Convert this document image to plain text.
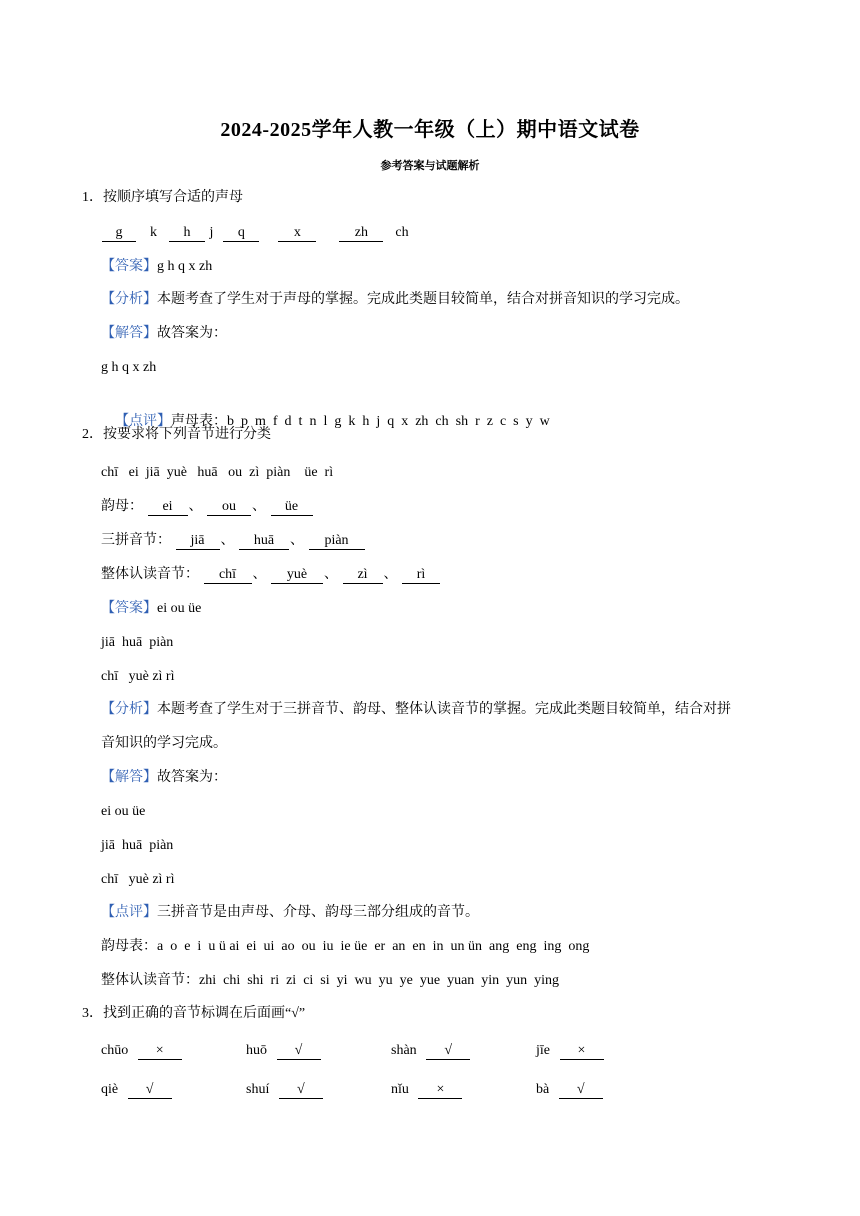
2024-2025学年人教一年级（上）期中语文试卷
参考答案与试题解析
1．按顺序填写合适的声母
g k h j q	x	zh ch
【答案】g h q x zh
【分析】本题考查了学生对于声母的掌握。完成此类题目较简单，结合对拼音知识的学习完成。
【解答】故答案为：
g h q x zh

【点评】声母表：b  p  m  f  d  t  n  l  g  k  h  j  q  x  zh  ch  sh  r  z  c  s  y  w

2．按要求将下列音节进行分类
chī   ei  jiā  yuè   huā   ou  zì  piàn    üe  rì
韵母： ei 、 ou 、 üe
三拼音节： jiā 、 huā 、 piàn
整体认读音节： chī 、 yuè 、 zì 、 rì
【答案】ei ou üe
jiā  huā  piàn
chī   yuè zì rì
【分析】本题考查了学生对于三拼音节、韵母、整体认读音节的掌握。完成此类题目较简单，结合对拼
音知识的学习完成。
【解答】故答案为：
ei ou üe
jiā  huā  piàn
chī   yuè zì rì
【点评】三拼音节是由声母、介母、韵母三部分组成的音节。
韵母表：a  o  e  i  u ü ai  ei  ui  ao  ou  iu  ie üe  er  an  en  in  un ün  ang  eng  ing  ong
整体认读音节：zhi  chi  shi  ri  zi  ci  si  yi  wu  yu  ye  yue  yuan  yin  yun  ying
3．找到正确的音节标调在后面画“√”
chūo ×	huō √	shàn √	jīe ×
qiè √	shuí √	nǐu ×	bà √
